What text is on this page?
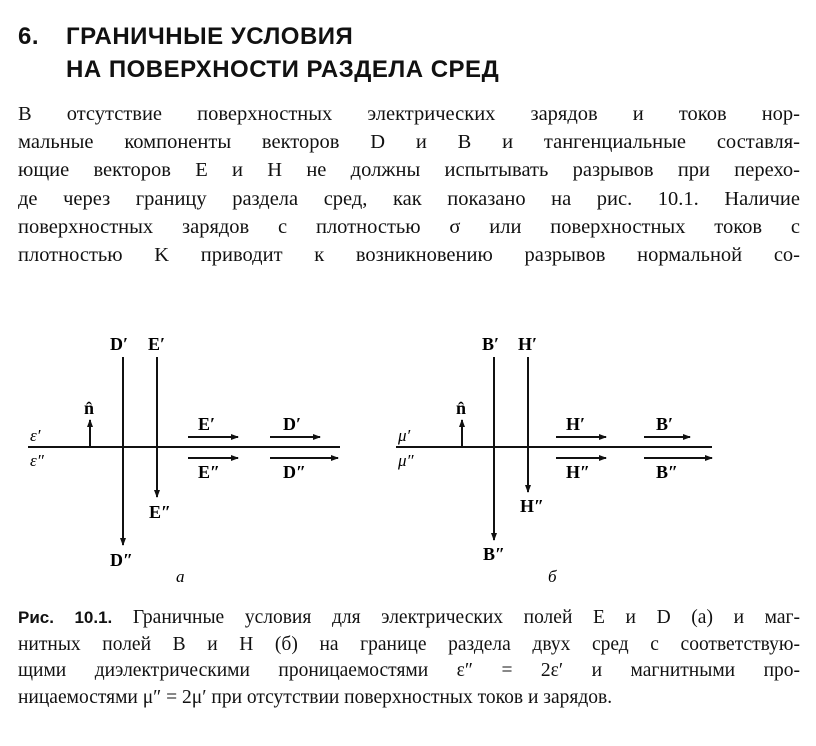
6. ГРАНИЧНЫЕ УСЛОВИЯ
НА ПОВЕРХНОСТИ РАЗДЕЛА СРЕД
В отсутствие поверхностных электрических зарядов и токов нор-
мальные компоненты векторов D и B и тангенциальные составля-
ющие векторов E и H не должны испытывать разрывов при перехо-
де через границу раздела сред, как показано на рис. 10.1. Наличие
поверхностных зарядов с плотностью σ или поверхностных токов с
плотностью K приводит к возникновению разрывов нормальной со-
n̂
ε′
ε″
D′
D″
E′
E″
E′
E″
D′
D″
a
n̂
μ′
μ″
B′
B″
H′
H″
H′
H″
B′
B″
б
Рис. 10.1. Граничные условия для электрических полей E и D (a) и маг-
нитных полей B и H (б) на границе раздела двух сред с соответствую-
щими диэлектрическими проницаемостями ε″ = 2ε′ и магнитными про-
ницаемостями μ″ = 2μ′ при отсутствии поверхностных токов и зарядов.
